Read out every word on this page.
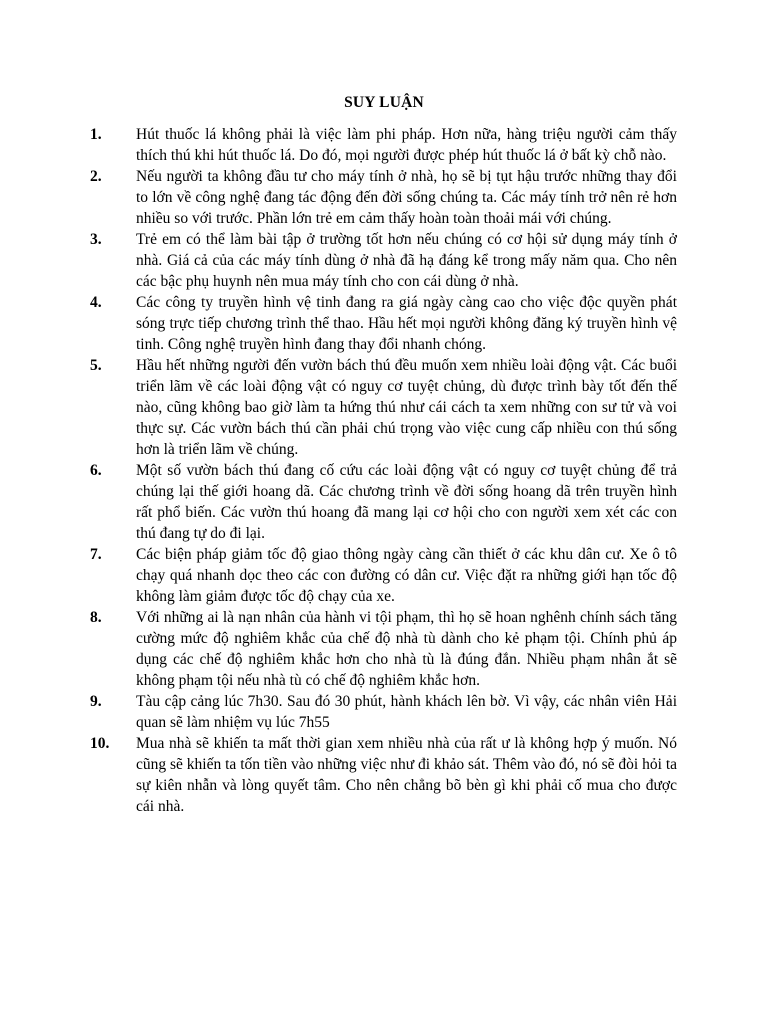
SUY LUẬN
1. Hút thuốc lá không phải là việc làm phi pháp. Hơn nữa, hàng triệu người cảm thấy thích thú khi hút thuốc lá. Do đó, mọi người được phép hút thuốc lá ở bất kỳ chỗ nào.
2. Nếu người ta không đầu tư cho máy tính ở nhà, họ sẽ bị tụt hậu trước những thay đổi to lớn về công nghệ đang tác động đến đời sống chúng ta. Các máy tính trở nên rẻ hơn nhiều so với trước. Phần lớn trẻ em cảm thấy hoàn toàn thoải mái với chúng.
3. Trẻ em có thể làm bài tập ở trường tốt hơn nếu chúng có cơ hội sử dụng máy tính ở nhà. Giá cả của các máy tính dùng ở nhà đã hạ đáng kể trong mấy năm qua. Cho nên các bậc phụ huynh nên mua máy tính cho con cái dùng ở nhà.
4. Các công ty truyền hình vệ tinh đang ra giá ngày càng cao cho việc độc quyền phát sóng trực tiếp chương trình thể thao. Hầu hết mọi người không đăng ký truyền hình vệ tinh. Công nghệ truyền hình đang thay đổi nhanh chóng.
5. Hầu hết những người đến vườn bách thú đều muốn xem nhiều loài động vật. Các buổi triển lãm về các loài động vật có nguy cơ tuyệt chủng, dù được trình bày tốt đến thế nào, cũng không bao giờ làm ta hứng thú như cái cách ta xem những con sư tử và voi thực sự. Các vườn bách thú cần phải chú trọng vào việc cung cấp nhiều con thú sống hơn là triển lãm về chúng.
6. Một số vườn bách thú đang cố cứu các loài động vật có nguy cơ tuyệt chủng để trả chúng lại thế giới hoang dã. Các chương trình về đời sống hoang dã trên truyền hình rất phổ biến. Các vườn thú hoang đã mang lại cơ hội cho con người xem xét các con thú đang tự do đi lại.
7. Các biện pháp giảm tốc độ giao thông ngày càng cần thiết ở các khu dân cư. Xe ô tô chạy quá nhanh dọc theo các con đường có dân cư. Việc đặt ra những giới hạn tốc độ không làm giảm được tốc độ chạy của xe.
8. Với những ai là nạn nhân của hành vi tội phạm, thì họ sẽ hoan nghênh chính sách tăng cường mức độ nghiêm khắc của chế độ nhà tù dành cho kẻ phạm tội. Chính phủ áp dụng các chế độ nghiêm khắc hơn cho nhà tù là đúng đắn. Nhiều phạm nhân ắt sẽ không phạm tội nếu nhà tù có chế độ nghiêm khắc hơn.
9. Tàu cập cảng lúc 7h30. Sau đó 30 phút, hành khách lên bờ. Vì vậy, các nhân viên Hải quan sẽ làm nhiệm vụ lúc 7h55
10. Mua nhà sẽ khiến ta mất thời gian xem nhiều nhà của rất ư là không hợp ý muốn. Nó cũng sẽ khiến ta tốn tiền vào những việc như đi khảo sát. Thêm vào đó, nó sẽ đòi hỏi ta sự kiên nhẫn và lòng quyết tâm. Cho nên chẳng bõ bèn gì khi phải cố mua cho được cái nhà.
